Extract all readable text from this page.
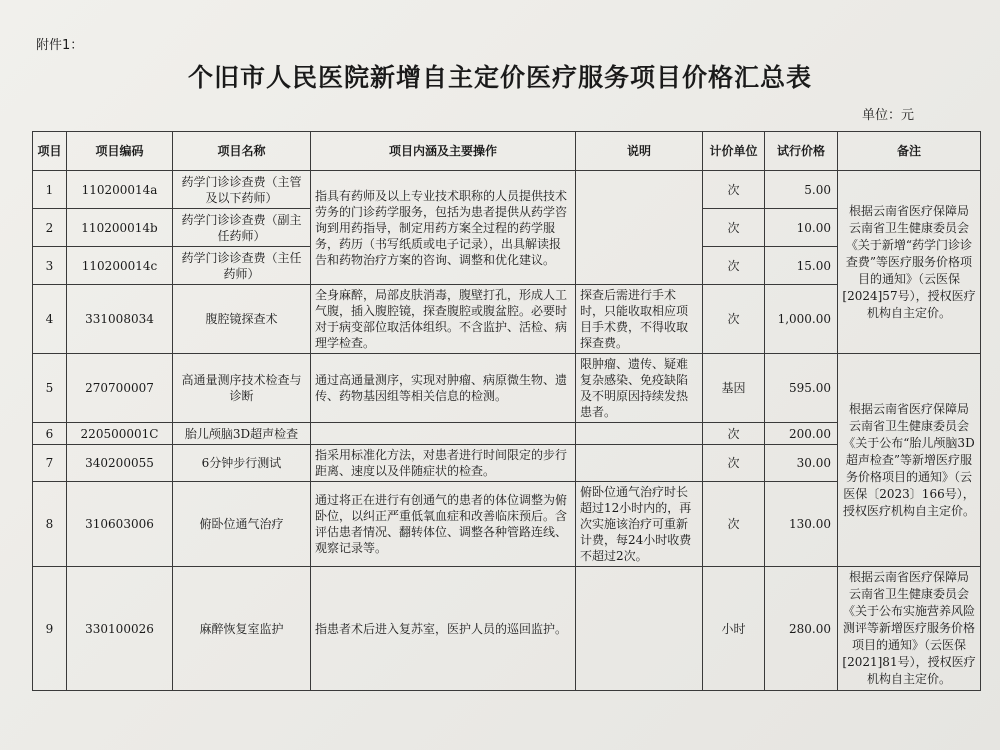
附件1：
个旧市人民医院新增自主定价医疗服务项目价格汇总表
单位：元
项目	项目编码	项目名称	项目内涵及主要操作	说明	计价单位	试行价格	备注
1	110200014a	药学门诊诊查费（主管及以下药师）	指具有药师及以上专业技术职称的人员提供技术劳务的门诊药学服务，包括为患者提供从药学咨询到用药指导，制定用药方案全过程的药学服务，药历（书写纸质或电子记录），出具解读报告和药物治疗方案的咨询、调整和优化建议。		次	5.00	根据云南省医疗保障局 云南省卫生健康委员会《关于新增“药学门诊诊查费”等医疗服务价格项目的通知》（云医保[2024]57号），授权医疗机构自主定价。
2	110200014b	药学门诊诊查费（副主任药师）			次	10.00	
3	110200014c	药学门诊诊查费（主任药师）			次	15.00	
4	331008034	腹腔镜探查术	全身麻醉，局部皮肤消毒，腹壁打孔，形成人工气腹，插入腹腔镜，探查腹腔或腹盆腔。必要时对于病变部位取活体组织。不含监护、活检、病理学检查。	探查后需进行手术时，只能收取相应项目手术费，不得收取探查费。	次	1,000.00	
5	270700007	高通量测序技术检查与诊断	通过高通量测序，实现对肿瘤、病原微生物、遗传、药物基因组等相关信息的检测。	限肿瘤、遗传、疑难复杂感染、免疫缺陷及不明原因持续发热患者。	基因	595.00	根据云南省医疗保障局 云南省卫生健康委员会《关于公布“胎儿颅脑3D超声检查”等新增医疗服务价格项目的通知》（云医保〔2023〕166号），授权医疗机构自主定价。
6	220500001C	胎儿颅脑3D超声检查			次	200.00	
7	340200055	6分钟步行测试	指采用标准化方法，对患者进行时间限定的步行距离、速度以及伴随症状的检查。		次	30.00	
8	310603006	俯卧位通气治疗	通过将正在进行有创通气的患者的体位调整为俯卧位，以纠正严重低氧血症和改善临床预后。含评估患者情况、翻转体位、调整各种管路连线、观察记录等。	俯卧位通气治疗时长超过12小时内的，再次实施该治疗可重新计费，每24小时收费不超过2次。	次	130.00	
9	330100026	麻醉恢复室监护	指患者术后进入复苏室，医护人员的巡回监护。		小时	280.00	根据云南省医疗保障局 云南省卫生健康委员会《关于公布实施营养风险测评等新增医疗服务价格项目的通知》（云医保[2021]81号），授权医疗机构自主定价。
